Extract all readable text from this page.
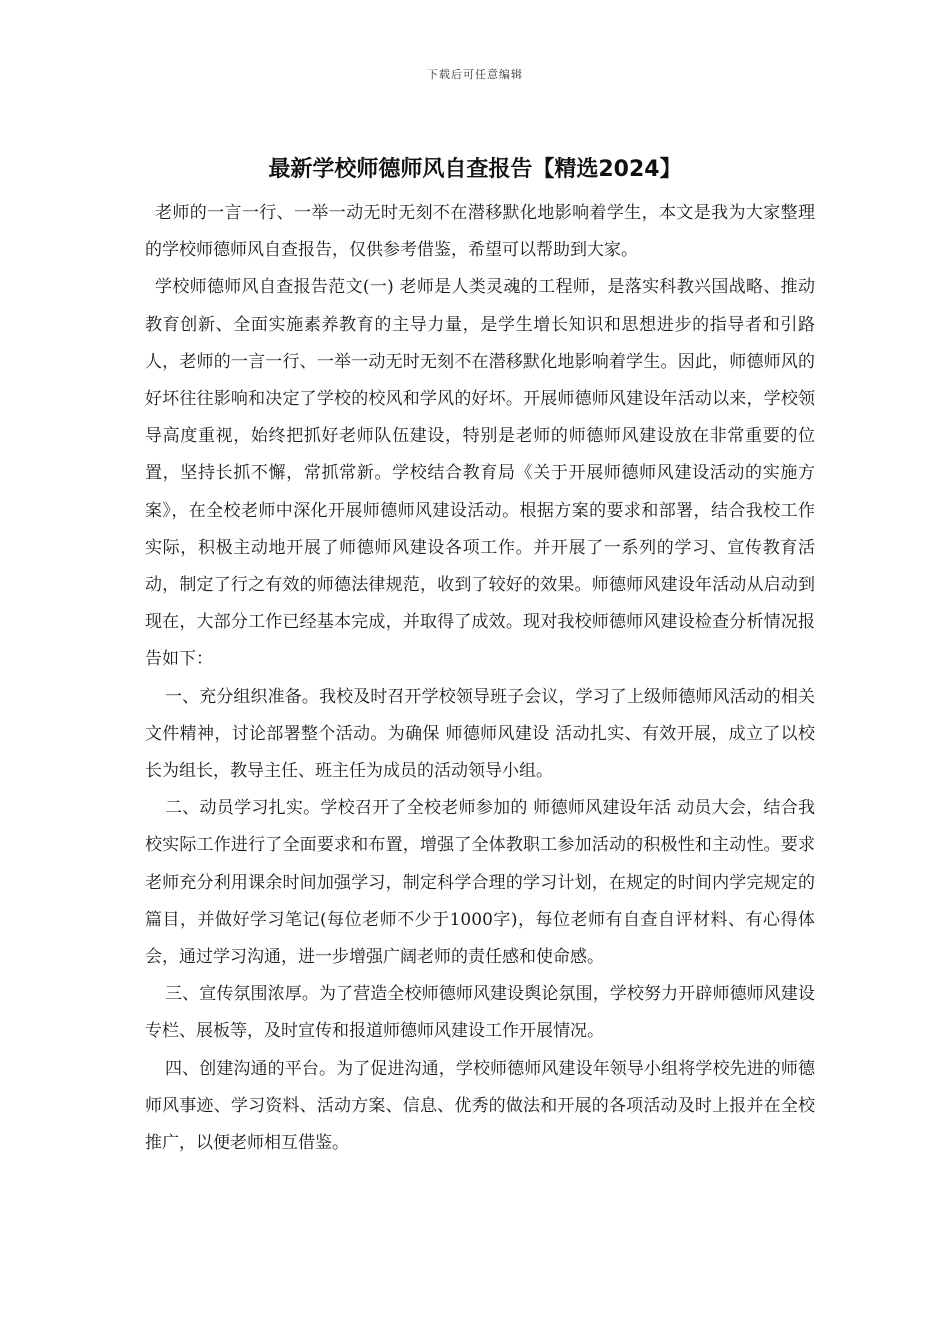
下载后可任意编辑
最新学校师德师风自查报告【精选2024】

老师的一言一行、一举一动无时无刻不在潜移默化地影响着学生，本文是我为大家整理的学校师德师风自查报告，仅供参考借鉴，希望可以帮助到大家。

学校师德师风自查报告范文(一) 老师是人类灵魂的工程师，是落实科教兴国战略、推动教育创新、全面实施素养教育的主导力量，是学生增长知识和思想进步的指导者和引路人，老师的一言一行、一举一动无时无刻不在潜移默化地影响着学生。因此，师德师风的好坏往往影响和决定了学校的校风和学风的好坏。开展师德师风建设年活动以来，学校领导高度重视，始终把抓好老师队伍建设，特别是老师的师德师风建设放在非常重要的位置，坚持长抓不懈，常抓常新。学校结合教育局《关于开展师德师风建设活动的实施方案》，在全校老师中深化开展师德师风建设活动。根据方案的要求和部署，结合我校工作实际，积极主动地开展了师德师风建设各项工作。并开展了一系列的学习、宣传教育活动，制定了行之有效的师德法律规范，收到了较好的效果。师德师风建设年活动从启动到现在，大部分工作已经基本完成，并取得了成效。现对我校师德师风建设检查分析情况报告如下：

一、充分组织准备。我校及时召开学校领导班子会议，学习了上级师德师风活动的相关文件精神，讨论部署整个活动。为确保 师德师风建设 活动扎实、有效开展，成立了以校长为组长，教导主任、班主任为成员的活动领导小组。

二、动员学习扎实。学校召开了全校老师参加的 师德师风建设年活 动员大会，结合我校实际工作进行了全面要求和布置，增强了全体教职工参加活动的积极性和主动性。要求老师充分利用课余时间加强学习，制定科学合理的学习计划，在规定的时间内学完规定的篇目，并做好学习笔记(每位老师不少于1000字)，每位老师有自查自评材料、有心得体会，通过学习沟通，进一步增强广阔老师的责任感和使命感。

三、宣传氛围浓厚。为了营造全校师德师风建设舆论氛围，学校努力开辟师德师风建设专栏、展板等，及时宣传和报道师德师风建设工作开展情况。

四、创建沟通的平台。为了促进沟通，学校师德师风建设年领导小组将学校先进的师德师风事迹、学习资料、活动方案、信息、优秀的做法和开展的各项活动及时上报并在全校推广，以便老师相互借鉴。
